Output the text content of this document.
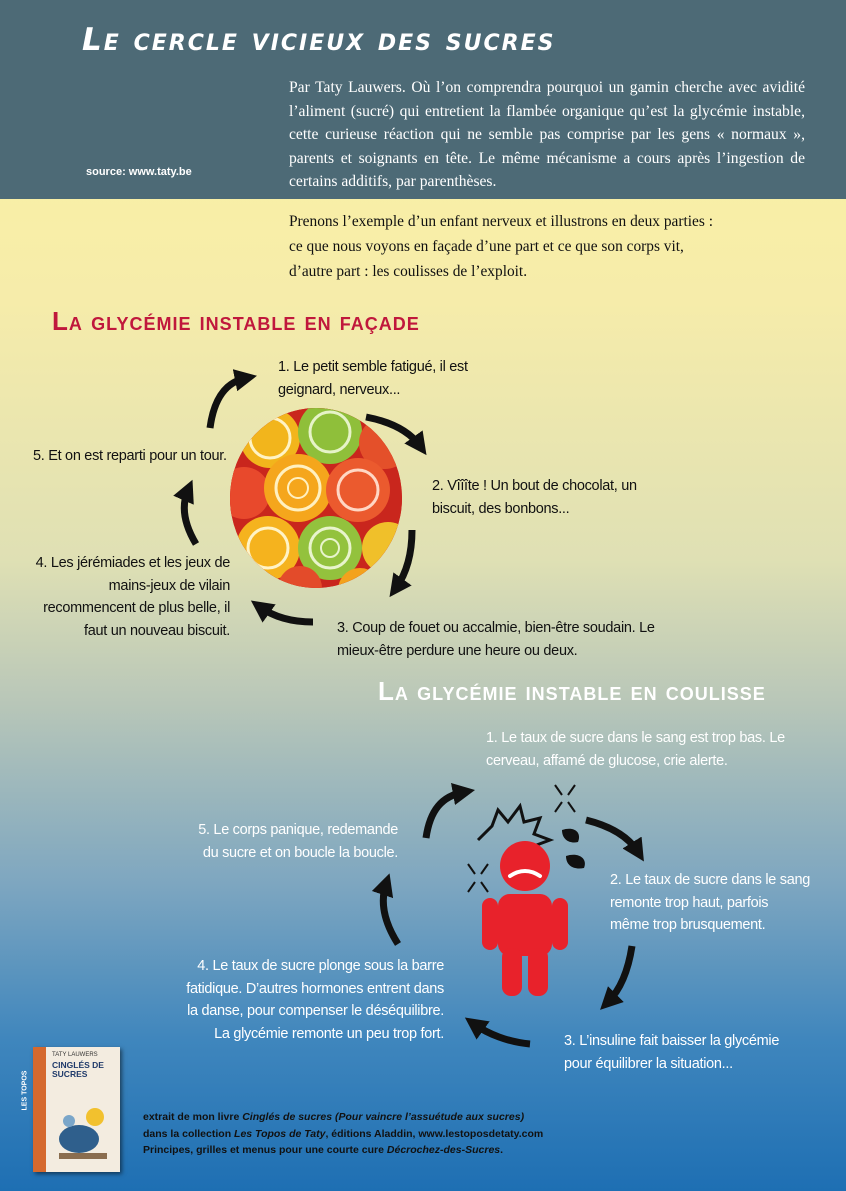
Le cercle vicieux des sucres
Par Taty Lauwers. Où l’on comprendra pourquoi un gamin cherche avec avidité l’aliment (sucré) qui entretient la flambée organique qu’est la glycémie instable, cette curieuse réaction qui ne semble pas comprise par les gens « normaux », parents et soignants en tête. Le même mécanisme a cours après l’ingestion de certains additifs, par parenthèses.
source: www.taty.be
Prenons l’exemple d’un enfant nerveux et illustrons en deux parties : ce que nous voyons en façade d’une part et ce que son corps vit, d’autre part : les coulisses de l’exploit.
La glycémie instable en façade
1. Le petit semble fatigué, il est geignard, nerveux...
2. Vîîîte ! Un bout de chocolat, un biscuit, des bonbons...
3. Coup de fouet ou accalmie, bien-être soudain. Le mieux-être perdure une heure ou deux.
4. Les jérémiades et les jeux de mains-jeux de vilain recommencent de plus belle, il faut un nouveau biscuit.
5. Et on est reparti pour un tour.
La glycémie instable en coulisse
1. Le taux de sucre dans le sang est trop bas. Le cerveau, affamé de glucose, crie alerte.
2. Le taux de sucre dans le sang remonte trop haut, parfois même trop brusquement.
3. L’insuline fait baisser la glycémie pour équilibrer la situation...
4. Le taux de sucre plonge sous la barre fatidique. D’autres hormones entrent dans la danse, pour compenser le déséquilibre. La glycémie remonte un peu trop fort.
5. Le corps panique, redemande du sucre et on boucle la boucle.
LES TOPOS
TATY LAUWERS
CINGLÉS DE SUCRES
extrait de mon livre Cinglés de sucres (Pour vaincre l’assuétude aux sucres)
dans la collection Les Topos de Taty, éditions Aladdin, www.lestoposdetaty.com
Principes, grilles et menus pour une courte cure Décrochez-des-Sucres.
